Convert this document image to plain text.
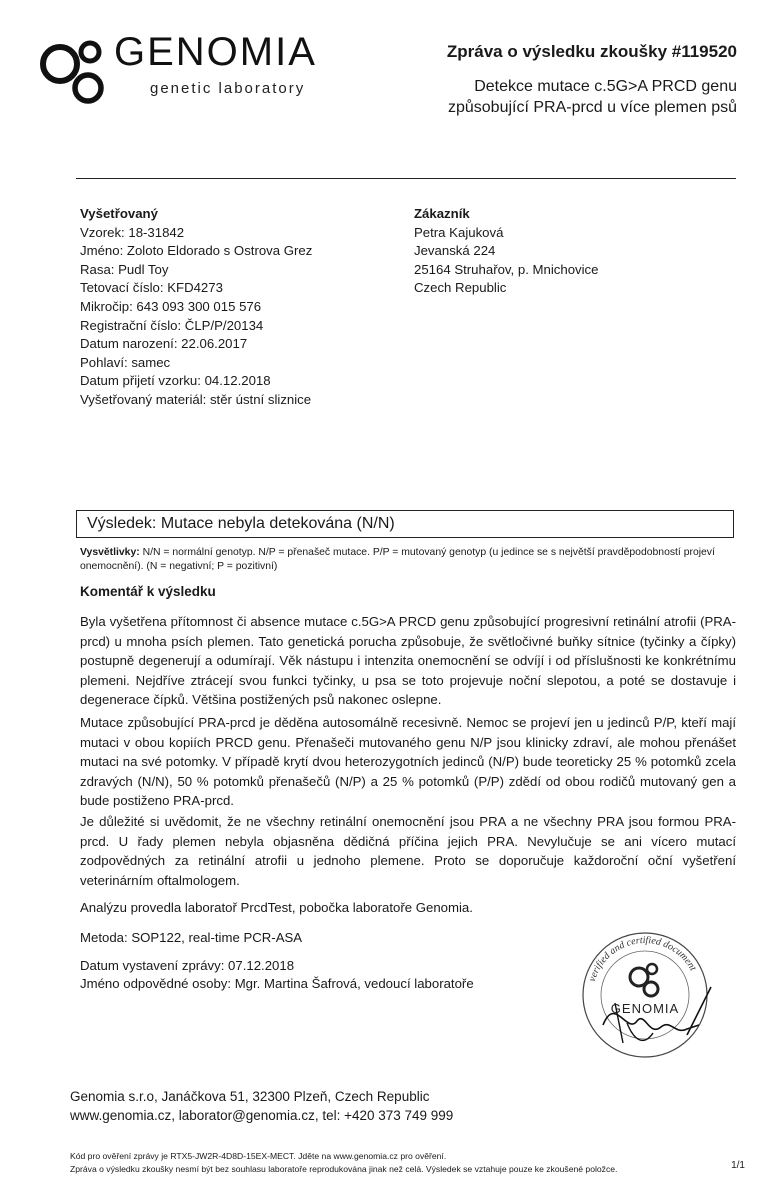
GENOMIA
genetic laboratory
Zpráva o výsledku zkoušky #119520
Detekce mutace c.5G>A PRCD genu
způsobující PRA-prcd u více plemen psů
Vyšetřovaný
Vzorek: 18-31842
Jméno: Zoloto Eldorado s Ostrova Grez
Rasa: Pudl Toy
Tetovací číslo: KFD4273
Mikročip: 643 093 300 015 576
Registrační číslo: ČLP/P/20134
Datum narození: 22.06.2017
Pohlaví: samec
Datum přijetí vzorku: 04.12.2018
Vyšetřovaný materiál: stěr ústní sliznice
Zákazník
Petra Kajuková
Jevanská 224
25164 Struhařov, p. Mnichovice
Czech Republic
Výsledek: Mutace nebyla detekována (N/N)
Vysvětlivky: N/N = normální genotyp. N/P = přenašeč mutace. P/P = mutovaný genotyp (u jedince se s největší pravděpodobností projeví onemocnění). (N = negativní; P = pozitivní)
Komentář k výsledku
Byla vyšetřena přítomnost či absence mutace c.5G>A PRCD genu způsobující progresivní retinální atrofii (PRA-prcd) u mnoha psích plemen. Tato genetická porucha způsobuje, že světločivné buňky sítnice (tyčinky a čípky) postupně degenerují a odumírají. Věk nástupu i intenzita onemocnění se odvíjí i od příslušnosti ke konkrétnímu plemeni. Nejdříve ztrácejí svou funkci tyčinky, u psa se toto projevuje noční slepotou, a poté se dostavuje i degenerace čípků. Většina postižených psů nakonec oslepne.
Mutace způsobující PRA-prcd je děděna autosomálně recesivně. Nemoc se projeví jen u jedinců P/P, kteří mají mutaci v obou kopiích PRCD genu. Přenašeči mutovaného genu N/P jsou klinicky zdraví, ale mohou přenášet mutaci na své potomky. V případě krytí dvou heterozygotních jedinců (N/P) bude teoreticky 25 % potomků zcela zdravých (N/N), 50 % potomků přenašečů (N/P) a 25 % potomků (P/P) zdědí od obou rodičů mutovaný gen a bude postiženo PRA-prcd.
Je důležité si uvědomit, že ne všechny retinální onemocnění jsou PRA a ne všechny PRA jsou formou PRA-prcd. U řady plemen nebyla objasněna dědičná příčina jejich PRA. Nevylučuje se ani vícero mutací zodpovědných za retinální atrofii u jednoho plemene. Proto se doporučuje každoroční oční vyšetření veterinárním oftalmologem.
Analýzu provedla laboratoř PrcdTest, pobočka laboratoře Genomia.
Metoda: SOP122, real-time PCR-ASA
Datum vystavení zprávy: 07.12.2018
Jméno odpovědné osoby: Mgr. Martina Šafrová, vedoucí laboratoře	verified and certified document
GENOMIA
Genomia s.r.o, Janáčkova 51, 32300 Plzeň, Czech Republic
www.genomia.cz, laborator@genomia.cz, tel: +420 373 749 999
Kód pro ověření zprávy je RTX5-JW2R-4D8D-15EX-MECT. Jděte na www.genomia.cz pro ověření.
Zpráva o výsledku zkoušky nesmí být bez souhlasu laboratoře reprodukována jinak než celá. Výsledek se vztahuje pouze ke zkoušené položce.	1/1
